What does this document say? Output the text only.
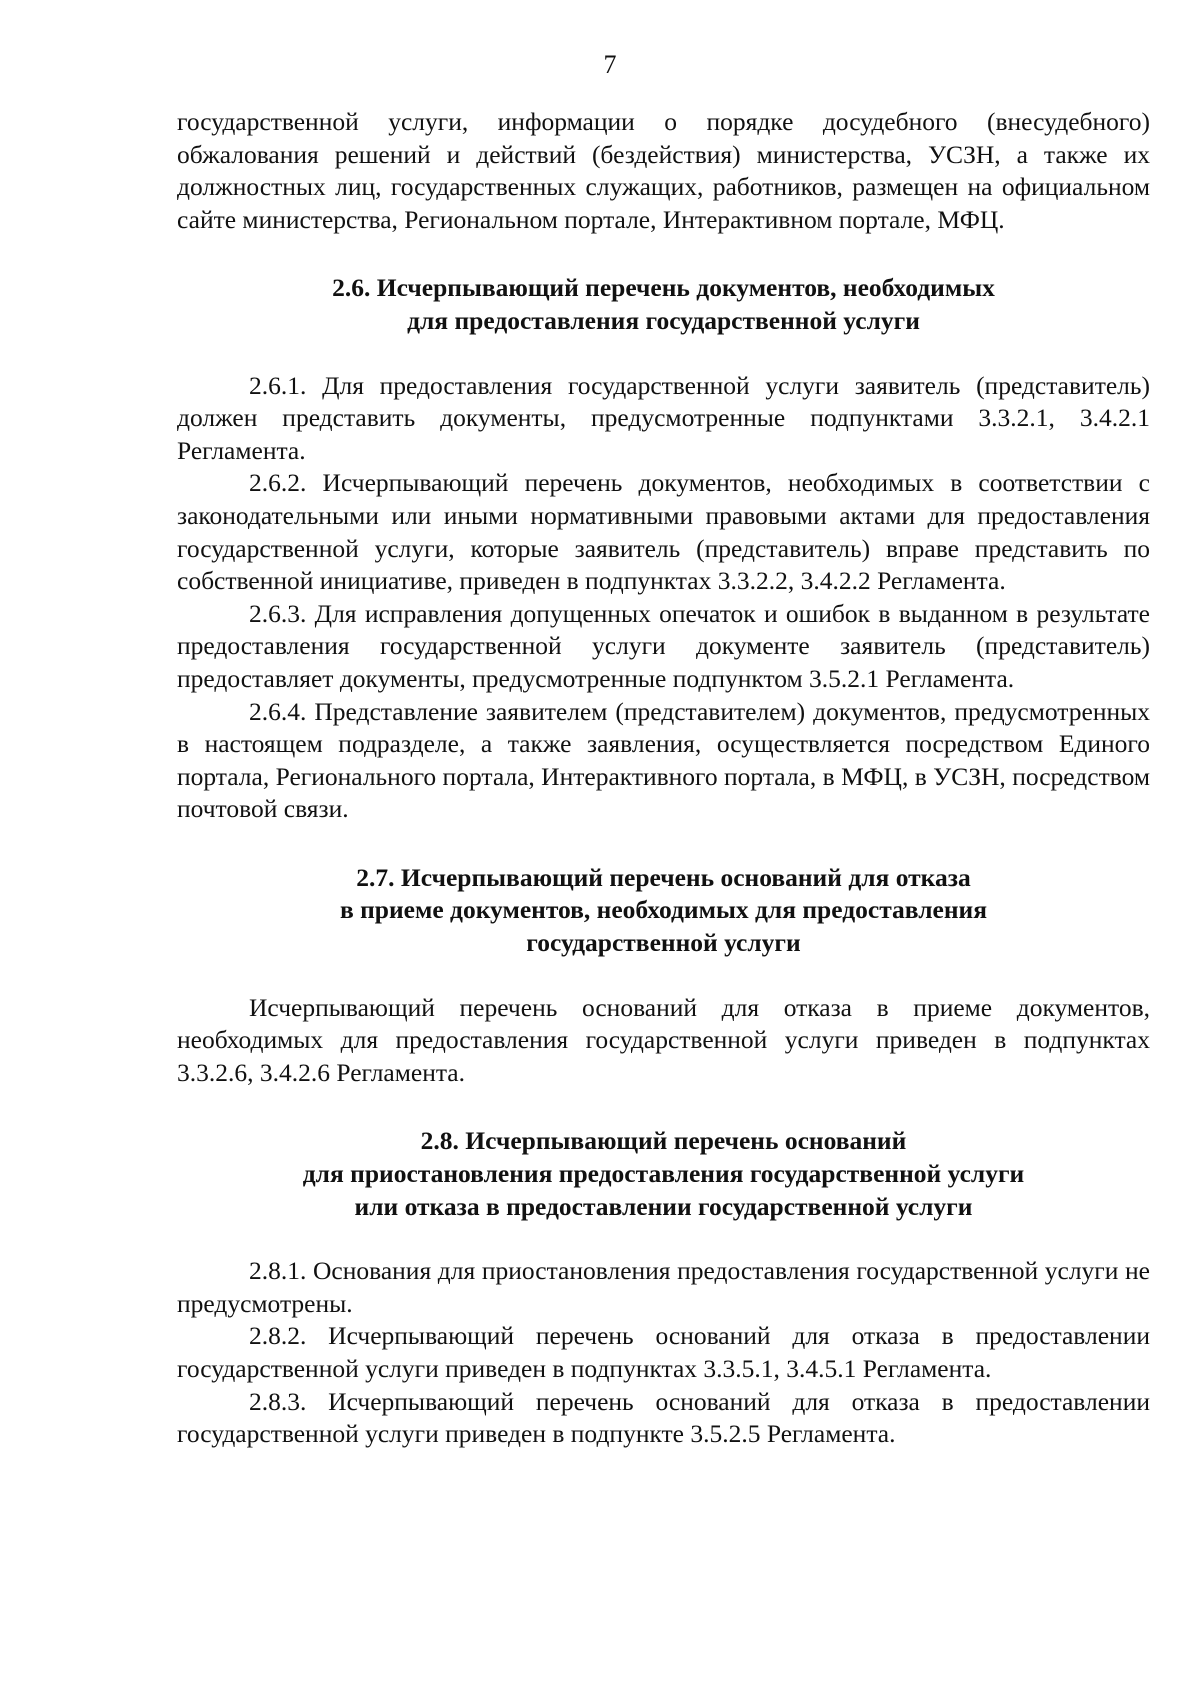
7

государственной услуги, информации о порядке досудебного (внесудебного) обжалования решений и действий (бездействия) министерства, УСЗН, а также их должностных лиц, государственных служащих, работников, размещен на официальном сайте министерства, Региональном портале, Интерактивном портале, МФЦ.

2.6. Исчерпывающий перечень документов, необходимых
для предоставления государственной услуги

2.6.1. Для предоставления государственной услуги заявитель (представитель) должен представить документы, предусмотренные подпунктами 3.3.2.1, 3.4.2.1 Регламента.

2.6.2. Исчерпывающий перечень документов, необходимых в соответствии с законодательными или иными нормативными правовыми актами для предоставления государственной услуги, которые заявитель (представитель) вправе представить по собственной инициативе, приведен в подпунктах 3.3.2.2, 3.4.2.2 Регламента.

2.6.3. Для исправления допущенных опечаток и ошибок в выданном в результате предоставления государственной услуги документе заявитель (представитель) предоставляет документы, предусмотренные подпунктом 3.5.2.1 Регламента.

2.6.4. Представление заявителем (представителем) документов, предусмотренных в настоящем подразделе, а также заявления, осуществляется посредством Единого портала, Регионального портала, Интерактивного портала, в МФЦ, в УСЗН, посредством почтовой связи.

2.7. Исчерпывающий перечень оснований для отказа
в приеме документов, необходимых для предоставления
государственной услуги

Исчерпывающий перечень оснований для отказа в приеме документов, необходимых для предоставления государственной услуги приведен в подпунктах 3.3.2.6, 3.4.2.6 Регламента.

2.8. Исчерпывающий перечень оснований
для приостановления предоставления государственной услуги
или отказа в предоставлении государственной услуги

2.8.1. Основания для приостановления предоставления государственной услуги не предусмотрены.

2.8.2. Исчерпывающий перечень оснований для отказа в предоставлении государственной услуги приведен в подпунктах 3.3.5.1, 3.4.5.1 Регламента.

2.8.3. Исчерпывающий перечень оснований для отказа в предоставлении государственной услуги приведен в подпункте 3.5.2.5 Регламента.
